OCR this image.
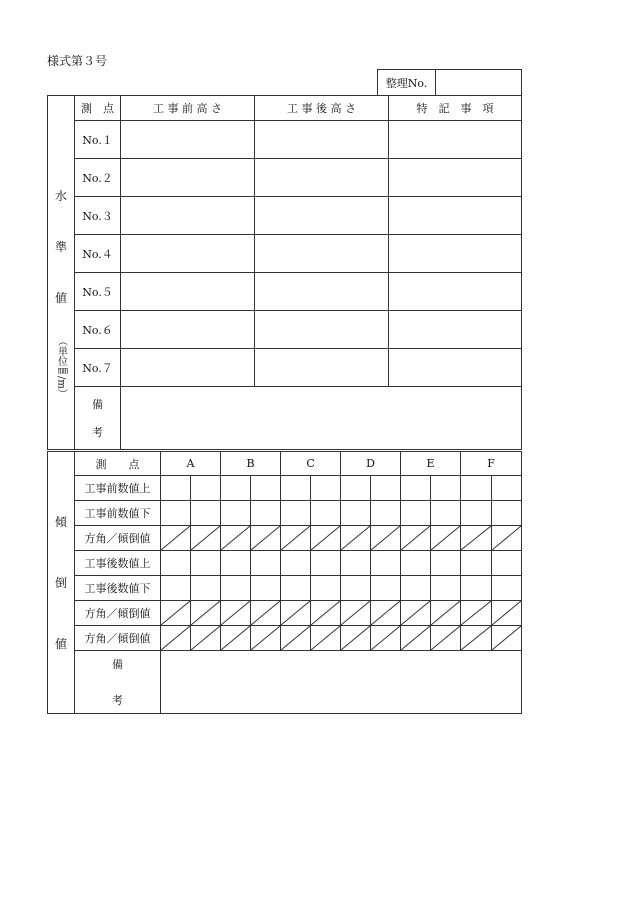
様式第３号
整理No.	
水
準
値
（単位㎜/m）	測　点	工 事 前 高 さ	工 事 後 高 さ	特　記　事　項
	No.１			
	No.２			
	No.３			
	No.４			
	No.５			
	No.６			
	No.７			

	備
考			

傾
倒
値	測　　点	A		B		C		D		E		F	
	工事前数値上												
	工事前数値下												
	方角／傾倒値	

	工事後数値上												
	工事後数値下												
	方角／傾倒値	

	方角／傾倒値	

	備
考												
